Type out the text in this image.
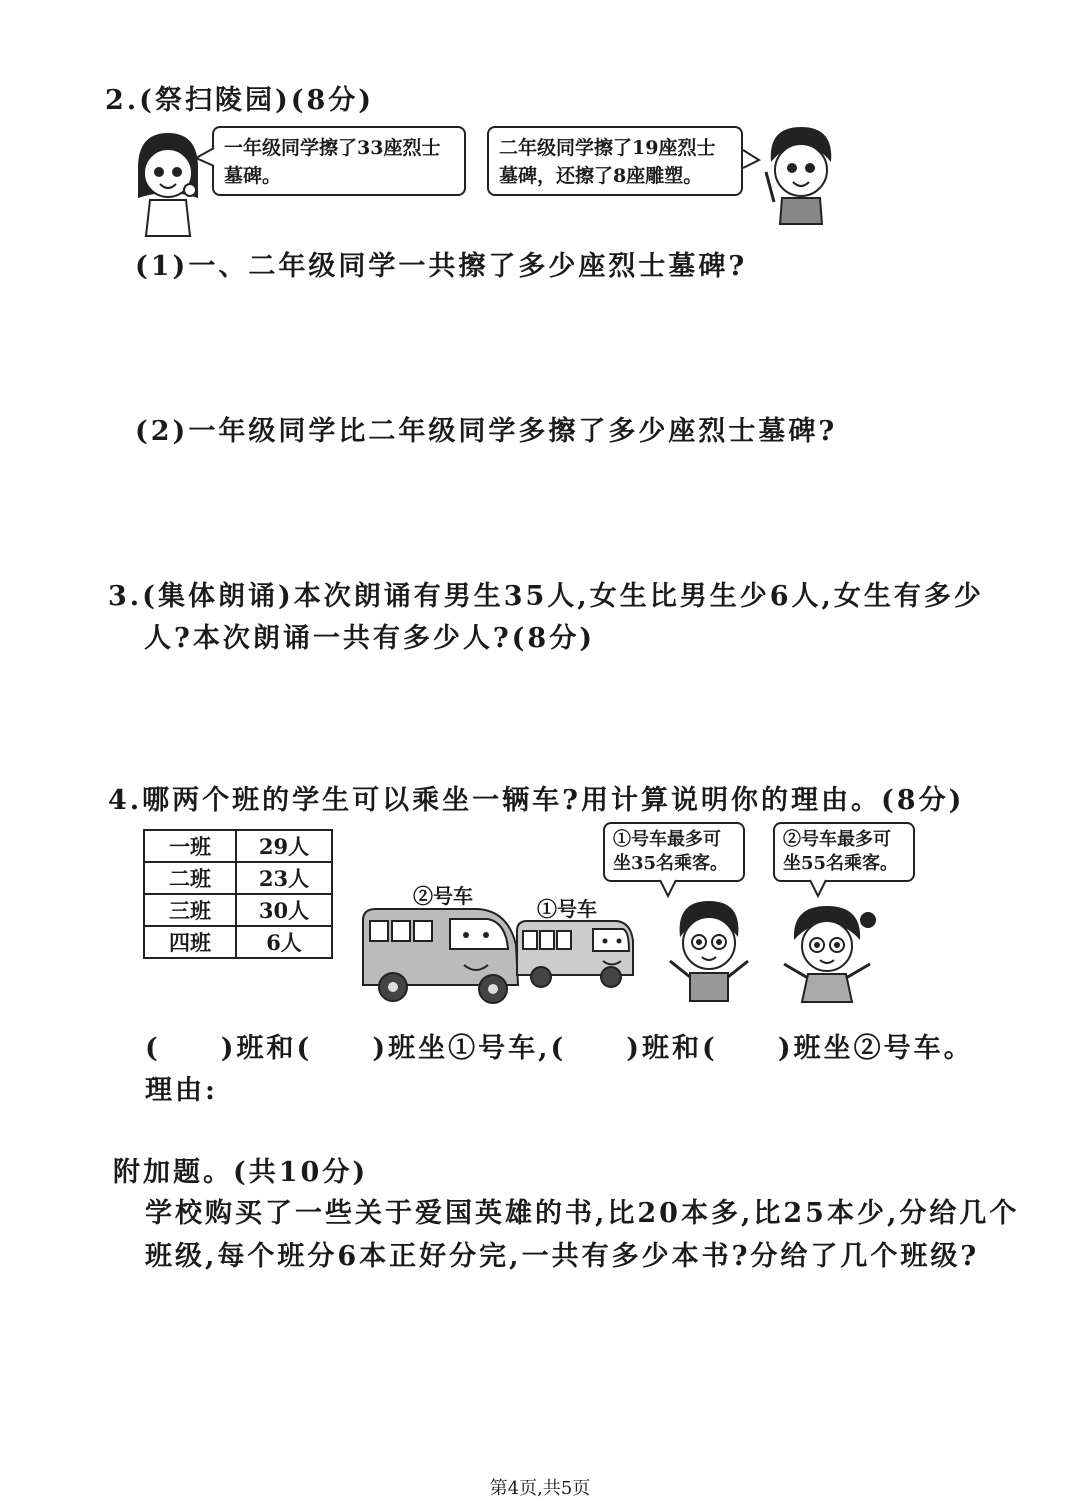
2.(祭扫陵园)(8分)
一年级同学擦了33座烈士
墓碑。
二年级同学擦了19座烈士
墓碑，还擦了8座雕塑。
(1)一、二年级同学一共擦了多少座烈士墓碑?
(2)一年级同学比二年级同学多擦了多少座烈士墓碑?
3.(集体朗诵)本次朗诵有男生35人,女生比男生少6人,女生有多少
人?本次朗诵一共有多少人?(8分)
4.哪两个班的学生可以乘坐一辆车?用计算说明你的理由。(8分)
一班	29人
二班	23人
三班	30人
四班	6人
②号车
①号车
①号车最多可
坐35名乘客。
②号车最多可
坐55名乘客。
(　　)班和(　　)班坐①号车,(　　)班和(　　)班坐②号车。
理由:
附加题。(共10分)
学校购买了一些关于爱国英雄的书,比20本多,比25本少,分给几个
班级,每个班分6本正好分完,一共有多少本书?分给了几个班级?
第4页,共5页
